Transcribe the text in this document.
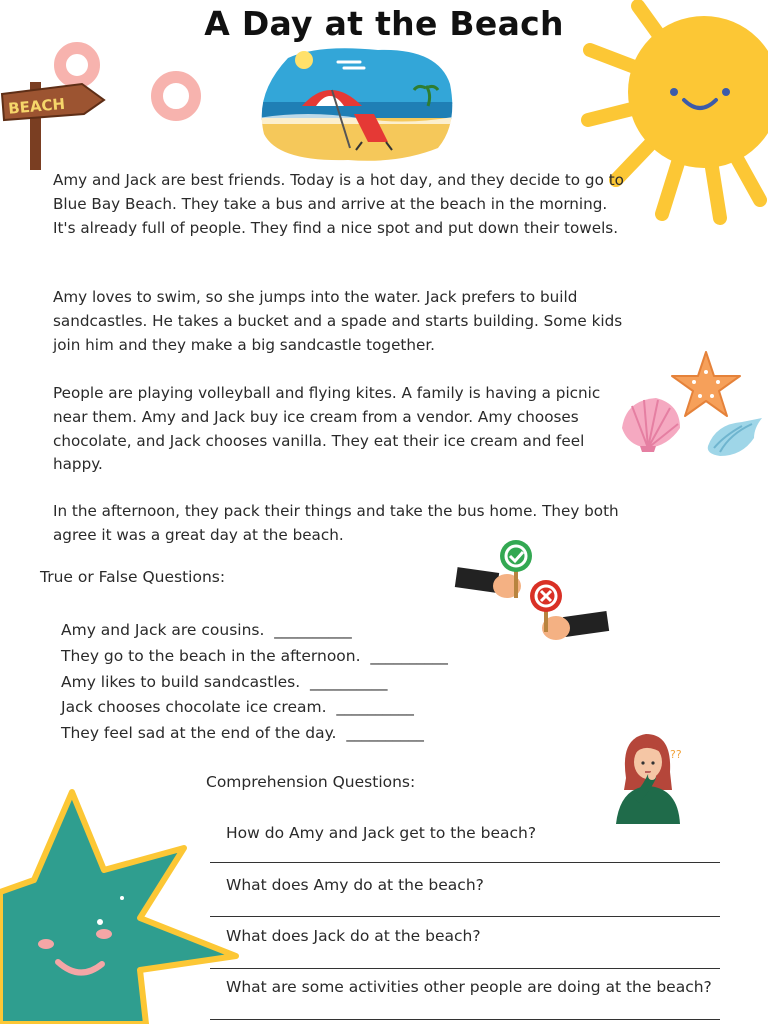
A Day at the Beach
BEACH

Amy and Jack are best friends. Today is a hot day, and they decide to go to Blue Bay Beach. They take a bus and arrive at the beach in the morning. It's already full of people. They find a nice spot and put down their towels.

Amy loves to swim, so she jumps into the water. Jack prefers to build sandcastles. He takes a bucket and a spade and starts building. Some kids join him and they make a big sandcastle together.

People are playing volleyball and flying kites. A family is having a picnic near them. Amy and Jack buy ice cream from a vendor. Amy chooses chocolate, and Jack chooses vanilla. They eat their ice cream and feel happy.

In the afternoon, they pack their things and take the bus home. They both agree it was a great day at the beach.

True or False Questions:
Amy and Jack are cousins. __________
They go to the beach in the afternoon. __________
Amy likes to build sandcastles. __________
Jack chooses chocolate ice cream. __________
They feel sad at the end of the day. __________
??
Comprehension Questions:
How do Amy and Jack get to the beach?
What does Amy do at the beach?
What does Jack do at the beach?
What are some activities other people are doing at the beach?
